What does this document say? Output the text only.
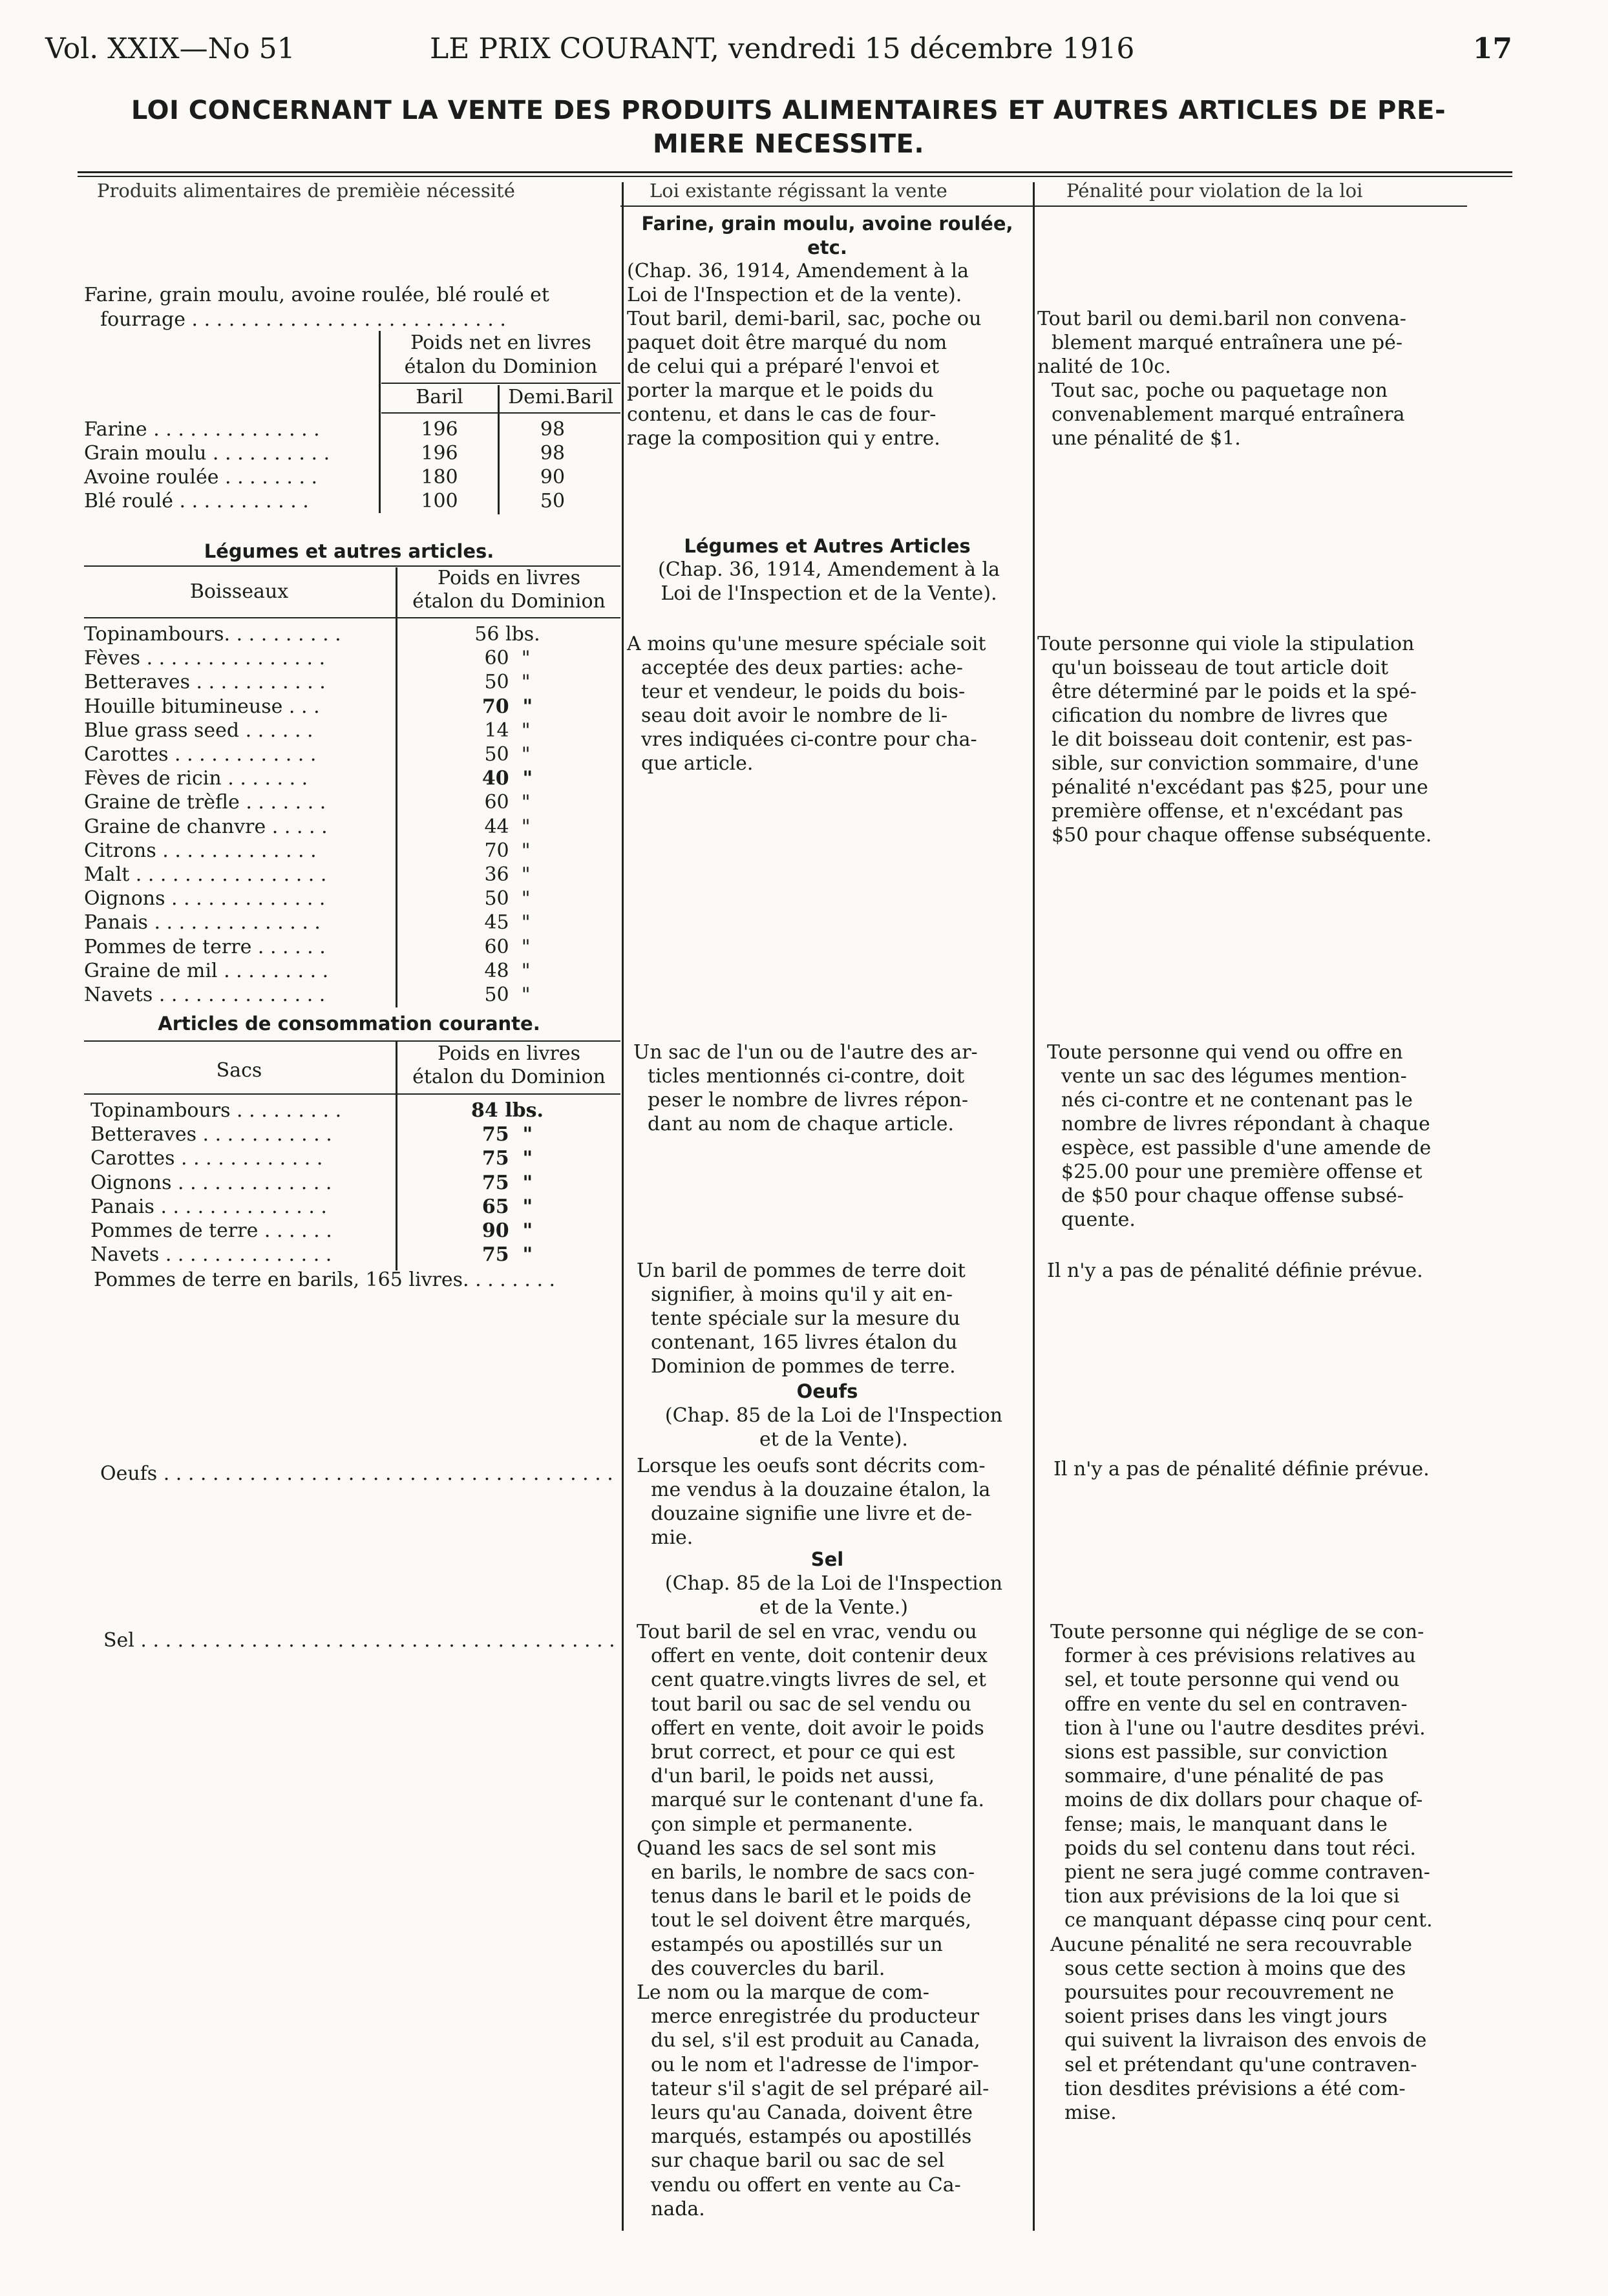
Vol. XXIX—No 51	LE PRIX COURANT, vendredi 15 décembre 1916	17
LOI CONCERNANT LA VENTE DES PRODUITS ALIMENTAIRES ET AUTRES ARTICLES DE PRE-
MIERE NECESSITE.
Produits alimentaires de premièie nécessité	Loi existante régissant la vente	Pénalité pour violation de la loi
Farine, grain moulu, avoine roulée, blé roulé et
fourrage . . . . . . . . . . . . . . . . . . . . . . . . . .
Poids net en livres
étalon du Dominion
Baril	Demi.Baril
Farine . . . . . . . . . . . . . .	196	98
Grain moulu . . . . . . . . . .	196	98
Avoine roulée . . . . . . . .	180	90
Blé roulé . . . . . . . . . . .	100	50
Farine, grain moulu, avoine roulée,
etc.
(Chap. 36, 1914, Amendement à la
Loi de l'Inspection et de la vente).
Tout baril, demi-baril, sac, poche ou
paquet doit être marqué du nom
de celui qui a préparé l'envoi et
porter la marque et le poids du
contenu, et dans le cas de four-
rage la composition qui y entre.
Tout baril ou demi.baril non convena-
blement marqué entraînera une pé-
nalité de 10c.
Tout sac, poche ou paquetage non
convenablement marqué entraînera
une pénalité de $1.
Légumes et autres articles.
Boisseaux
Poids en livres
étalon du Dominion
Topinambours. . . . . . . . . .	56 lbs.
Fèves . . . . . . . . . . . . . . .	60  "
Betteraves . . . . . . . . . . .	50  "
Houille bitumineuse . . .	70  "
Blue grass seed . . . . . .	14  "
Carottes . . . . . . . . . . . .	50  "
Fèves de ricin . . . . . . .	40  "
Graine de trèfle . . . . . . .	60  "
Graine de chanvre . . . . .	44  "
Citrons . . . . . . . . . . . . .	70  "
Malt . . . . . . . . . . . . . . . .	36  "
Oignons . . . . . . . . . . . . .	50  "
Panais . . . . . . . . . . . . . .	45  "
Pommes de terre . . . . . .	60  "
Graine de mil . . . . . . . . .	48  "
Navets . . . . . . . . . . . . . .	50  "
Légumes et Autres Articles
(Chap. 36, 1914, Amendement à la
Loi de l'Inspection et de la Vente).
A moins qu'une mesure spéciale soit
acceptée des deux parties: ache-
teur et vendeur, le poids du bois-
seau doit avoir le nombre de li-
vres indiquées ci-contre pour cha-
que article.
Toute personne qui viole la stipulation
qu'un boisseau de tout article doit
être déterminé par le poids et la spé-
cification du nombre de livres que
le dit boisseau doit contenir, est pas-
sible, sur conviction sommaire, d'une
pénalité n'excédant pas $25, pour une
première offense, et n'excédant pas
$50 pour chaque offense subséquente.
Articles de consommation courante.
Sacs
Poids en livres
étalon du Dominion
Topinambours . . . . . . . . .	84 lbs.
Betteraves . . . . . . . . . . .	75  "
Carottes . . . . . . . . . . . .	75  "
Oignons . . . . . . . . . . . . .	75  "
Panais . . . . . . . . . . . . . .	65  "
Pommes de terre . . . . . .	90  "
Navets . . . . . . . . . . . . . .	75  "
Un sac de l'un ou de l'autre des ar-
ticles mentionnés ci-contre, doit
peser le nombre de livres répon-
dant au nom de chaque article.
Toute personne qui vend ou offre en
vente un sac des légumes mention-
nés ci-contre et ne contenant pas le
nombre de livres répondant à chaque
espèce, est passible d'une amende de
$25.00 pour une première offense et
de $50 pour chaque offense subsé-
quente.
Pommes de terre en barils, 165 livres. . . . . . . .	Un baril de pommes de terre doit
signifier, à moins qu'il y ait en-
tente spéciale sur la mesure du
contenant, 165 livres étalon du
Dominion de pommes de terre.
Il n'y a pas de pénalité définie prévue.
Oeufs
(Chap. 85 de la Loi de l'Inspection
et de la Vente).
Oeufs . . . . . . . . . . . . . . . . . . . . . . . . . . . . . . . . . . . . . Lorsque les oeufs sont décrits com-
me vendus à la douzaine étalon, la
douzaine signifie une livre et de-
mie.
Il n'y a pas de pénalité définie prévue.
Sel
(Chap. 85 de la Loi de l'Inspection
et de la Vente.)
Sel . . . . . . . . . . . . . . . . . . . . . . . . . . . . . . . . . . . . . . . Tout baril de sel en vrac, vendu ou
offert en vente, doit contenir deux
cent quatre.vingts livres de sel, et
tout baril ou sac de sel vendu ou
offert en vente, doit avoir le poids
brut correct, et pour ce qui est
d'un baril, le poids net aussi,
marqué sur le contenant d'une fa.
çon simple et permanente.
Quand les sacs de sel sont mis
en barils, le nombre de sacs con-
tenus dans le baril et le poids de
tout le sel doivent être marqués,
estampés ou apostillés sur un
des couvercles du baril.
Le nom ou la marque de com-
merce enregistrée du producteur
du sel, s'il est produit au Canada,
ou le nom et l'adresse de l'impor-
tateur s'il s'agit de sel préparé ail-
leurs qu'au Canada, doivent être
marqués, estampés ou apostillés
sur chaque baril ou sac de sel
vendu ou offert en vente au Ca-
nada.
Toute personne qui néglige de se con-
former à ces prévisions relatives au
sel, et toute personne qui vend ou
offre en vente du sel en contraven-
tion à l'une ou l'autre desdites prévi.
sions est passible, sur conviction
sommaire, d'une pénalité de pas
moins de dix dollars pour chaque of-
fense; mais, le manquant dans le
poids du sel contenu dans tout réci.
pient ne sera jugé comme contraven-
tion aux prévisions de la loi que si
ce manquant dépasse cinq pour cent.
Aucune pénalité ne sera recouvrable
sous cette section à moins que des
poursuites pour recouvrement ne
soient prises dans les vingt jours
qui suivent la livraison des envois de
sel et prétendant qu'une contraven-
tion desdites prévisions a été com-
mise.
